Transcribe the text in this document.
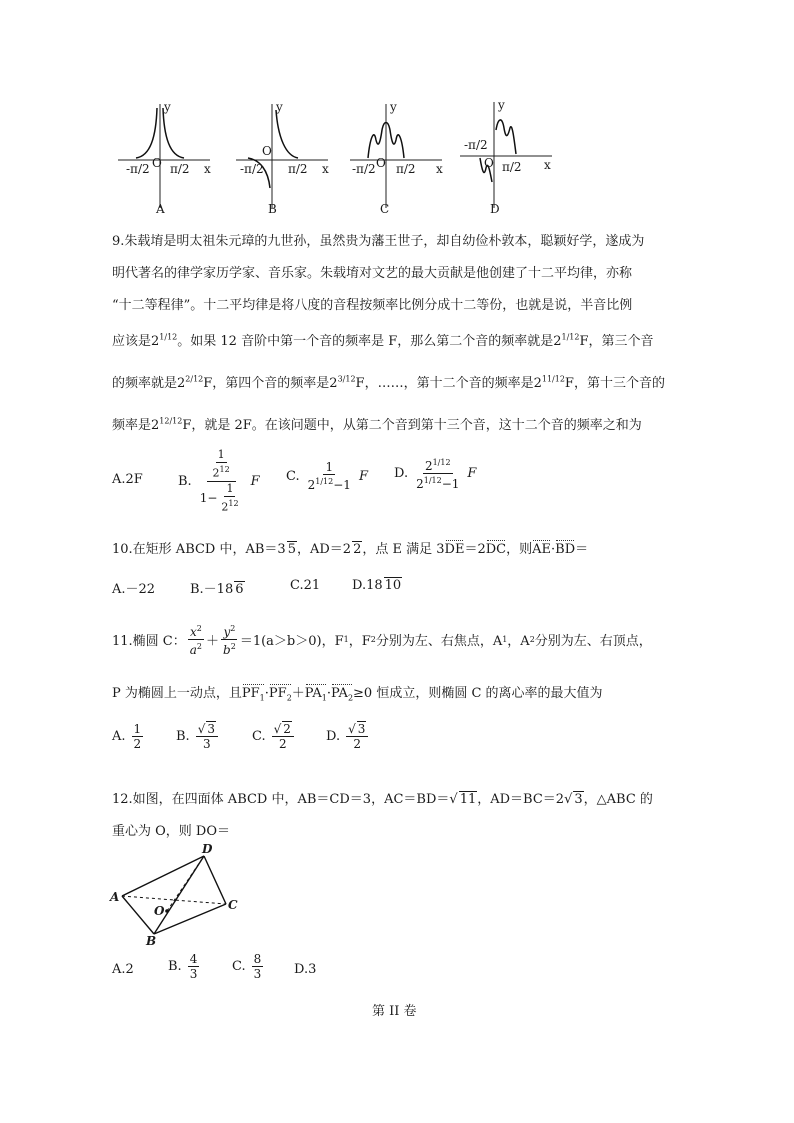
y
x
O
-π/2 π/2
A
y
x
O
-π/2 π/2
B
y
x
O
-π/2 π/2
C
y
x
O
-π/2
π/2
D
9.朱载堉是明太祖朱元璋的九世孙，虽然贵为藩王世子，却自幼俭朴敦本，聪颖好学，遂成为
明代著名的律学家历学家、音乐家。朱载堉对文艺的最大贡献是他创建了十二平均律，亦称
“十二等程律”。十二平均律是将八度的音程按频率比例分成十二等份，也就是说，半音比例
应该是$2^{1/12}$。如果 12 音阶中第一个音的频率是 F，那么第二个音的频率就是$2^{1/12}F$，第三个音
的频率就是$2^{2/12}F$，第四个音的频率是$2^{3/12}F$，……，第十二个音的频率是$2^{11/12}F$，第十三个音的
频率是$2^{12/12}F$，就是 2F。在该问题中，从第二个音到第十三个音，这十二个音的频率之和为
A.2F	B. $\frac{\frac{1}{2^{12}}}{1- \frac{1}{2^{12}}}$ F C. $\frac{1}{2^{1/12}-1}$ F D. $\frac{2^{1/12}}{2^{1/12}-1}$ F
10.在矩形 ABCD 中，AB＝3 5，AD＝2 2，点 E 满足 3DE＝2DC，则AE·BD＝
A.－22	B.－18 6	C.21 D.18 10
11.椭圆 C： $\frac{x^2}{a^2} + \frac{y^2}{b^2} =1(a>b>0)$，F 1 ，F 2 分别为左、右焦点，A 1 ，A 2 分别为左、右顶点，
P 为椭圆上一动点，且$PF_1\cdot PF_2+PA_1\cdot PA_2\ge 0$ 恒成立，则椭圆 C 的离心率的最大值为
A. $\frac{1}{2}$	B. $\frac{√ 3}{3}$	C. $\frac{√ 2}{2} D$. $\frac{√ 3}{2}$
12.如图，在四面体 ABCD 中，AB＝CD＝3，AC＝BD＝√ 11，AD＝BC＝2√ 3，△ABC 的
重心为 O，则 DO＝
D
A
C
B
O
A.2	B. $\frac{4}{3}$	C. $\frac{8}{3} D.3$
第 II 卷
